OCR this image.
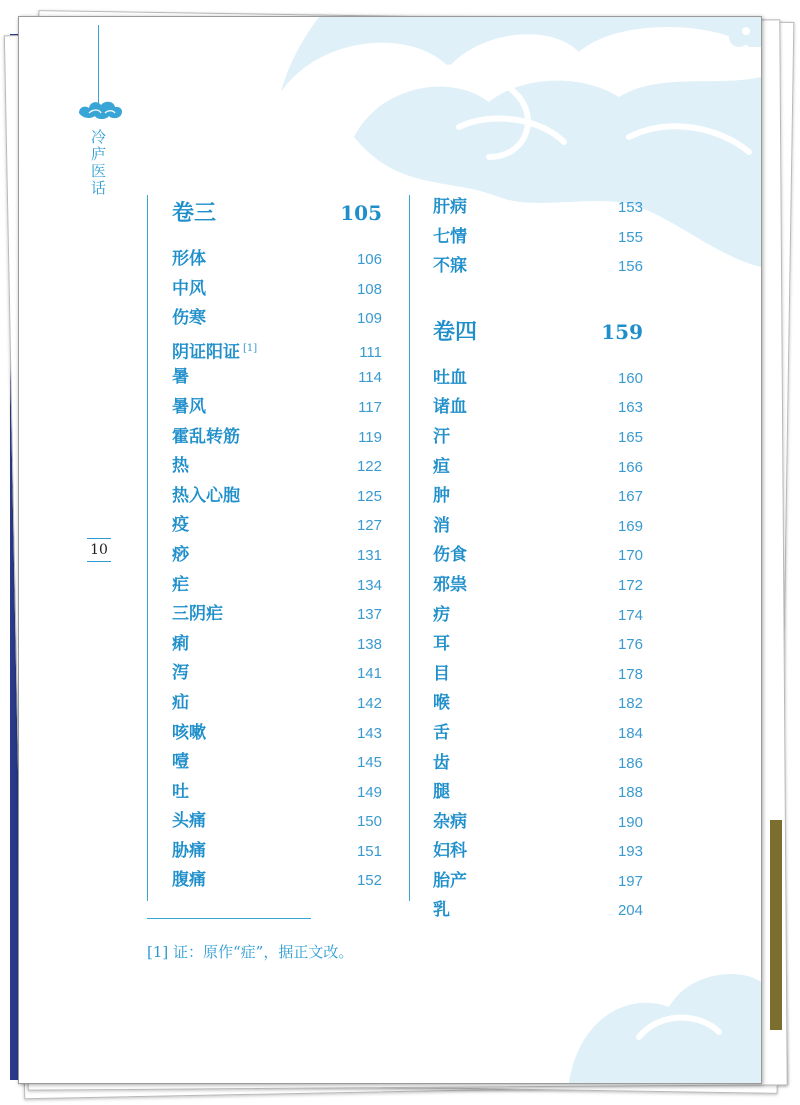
冷庐医话
10
卷三	105
形体	106
中风	108
伤寒	109
阴证阳证 [1]	111
暑	114
暑风	117
霍乱转筋	119
热	122
热入心胞	125
疫	127
痧	131
疟	134
三阴疟	137
痢	138
泻	141
疝	142
咳嗽	143
噎	145
吐	149
头痛	150
胁痛	151
腹痛	152
肝病	153
七情	155
不寐	156
卷四	159
吐血	160
诸血	163
汗	165
疸	166
肿	167
消	169
伤食	170
邪祟	172
疠	174
耳	176
目	178
喉	182
舌	184
齿	186
腿	188
杂病	190
妇科	193
胎产	197
乳	204
[1] 证：原作“症”，据正文改。
